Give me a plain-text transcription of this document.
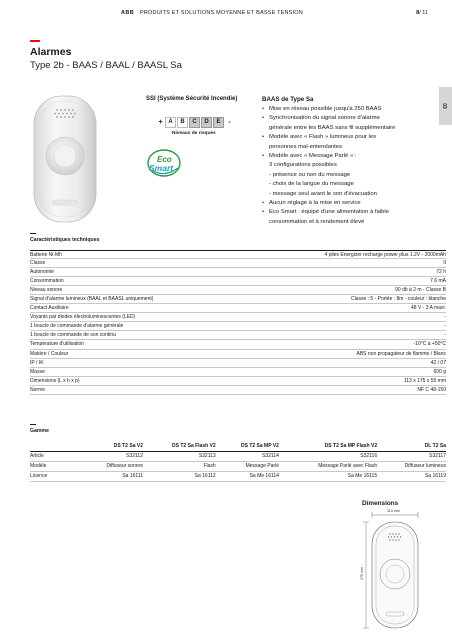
ABB PRODUITS ET SOLUTIONS MOYENNE ET BASSE TENSION	8/ 11
Alarmes
Type 2b - BAAS / BAAL / BAASL Sa
03
SSI (Système Sécurité Incendie)
+ A	B	C	D	E	-
Niveaux de risques
Eco
Smart
BAAS de Type Sa
• Mise en réseau possible jusqu'à 250 BAAS
• Synchronisation du signal sonore d'alarme
générale entre les BAAS sans fil supplémentaire
• Modèle avec « Flash » lumineux pour les
personnes mal-entendantes
• Modèle avec « Message Parlé » :
3 configurations possibles
- présence ou non du message
- choix de la langue du message
- message seul avant le son d'évacuation
• Aucun réglage à la mise en service
• Eco Smart : équipé d'une alimentation à faible
consommation et à rendement élevé
Caractéristiques techniques
Batterie Ni-Mh	4 piles Energizer recharge power plus 1.2V - 2000mAh
Classe	II
Autonomie	72 h
Consommation	7.6 mA
Niveau sonore	90 db à 2 m - Classe B
Signal d'alarme lumineux (BAAL et BAASL uniquement)	Classe : 5 - Portée : 8m - couleur : blanche
Contact Auxiliaire	48 V - 3 A maxi.
Voyants par diodes électroluminescentes (LED)	-
1 boucle de commande d'alarme générale	-
1 boucle de commande de son continu	-
Température d'utilisation	-10°C à +50°C
Matière / Couleur	ABS non propagateur de flamme / Blanc
IP / IK	42 / 07
Masse	600 g
Dimensions (L x h x p)	113 x 175 x 55 mm
Norme	NF C 48-150
Gamme
	DS T2 Sa V2	DS T2 Sa Flash V2	DS T2 Sa MP V2	DS T2 Sa MP Flash V2	DL T2 Sa
Article	S32112	S32113	S32114	S32116	S32117
Modèle	Diffuseur sonore	Flash	Message Parlé	Message Parlé avec Flash	Diffuseur lumineux
Licence	Sa 16111	Sa 16112	Sa Me 16114	Sa Me 16115	Sa 16119
Dimensions
113 mm
175 mm
